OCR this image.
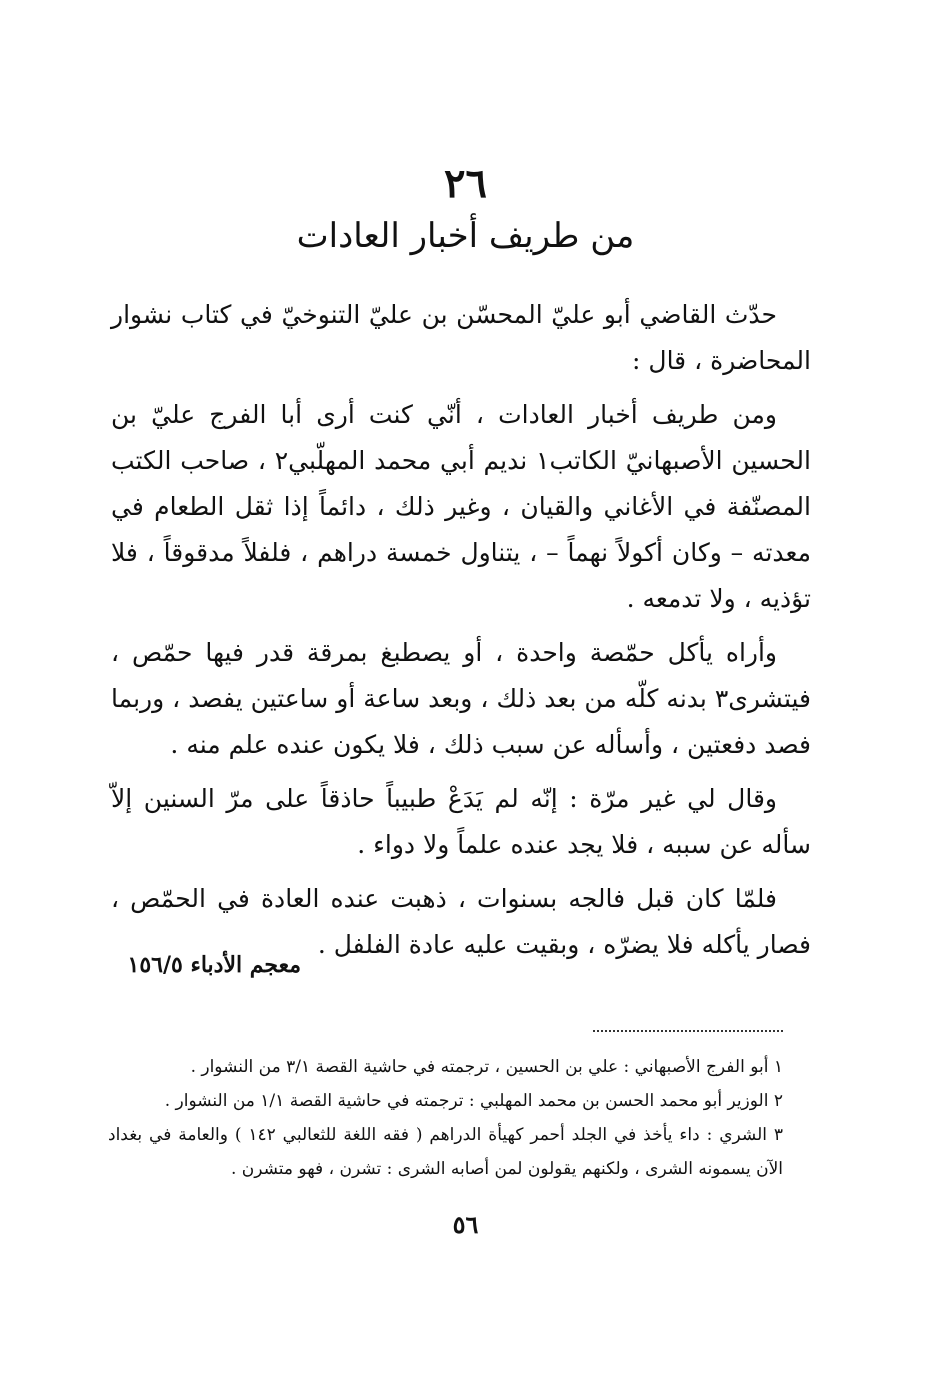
٢٦
من طريف أخبار العادات

حدّث القاضي أبو عليّ المحسّن بن عليّ التنوخيّ في كتاب نشوار المحاضرة ، قال :

ومن طريف أخبار العادات ، أنّي كنت أرى أبا الفرج عليّ بن الحسين الأصبهانيّ الكاتب١ نديم أبي محمد المهلّبي٢ ، صاحب الكتب المصنّفة في الأغاني والقيان ، وغير ذلك ، دائماً إذا ثقل الطعام في معدته – وكان أكولاً نهماً – ، يتناول خمسة دراهم ، فلفلاً مدقوقاً ، فلا تؤذيه ، ولا تدمعه .

وأراه يأكل حمّصة واحدة ، أو يصطبغ بمرقة قدر فيها حمّص ، فيتشرى٣ بدنه كلّه من بعد ذلك ، وبعد ساعة أو ساعتين يفصد ، وربما فصد دفعتين ، وأسأله عن سبب ذلك ، فلا يكون عنده علم منه .

وقال لي غير مرّة : إنّه لم يَدَعْ طبيباً حاذقاً على مرّ السنين إلاّ سأله عن سببه ، فلا يجد عنده علماً ولا دواء .

فلمّا كان قبل فالجه بسنوات ، ذهبت عنده العادة في الحمّص ، فصار يأكله فلا يضرّه ، وبقيت عليه عادة الفلفل .

معجم الأدباء ١٥٦/٥

١ أبو الفرج الأصبهاني : علي بن الحسين ، ترجمته في حاشية القصة ٣/١ من النشوار .

٢ الوزير أبو محمد الحسن بن محمد المهلبي : ترجمته في حاشية القصة ١/١ من النشوار .

٣ الشري : داء يأخذ في الجلد أحمر كهيأة الدراهم ( فقه اللغة للثعالبي ١٤٢ ) والعامة في بغداد الآن يسمونه الشرى ، ولكنهم يقولون لمن أصابه الشرى : تشرن ، فهو متشرن .

٥٦
